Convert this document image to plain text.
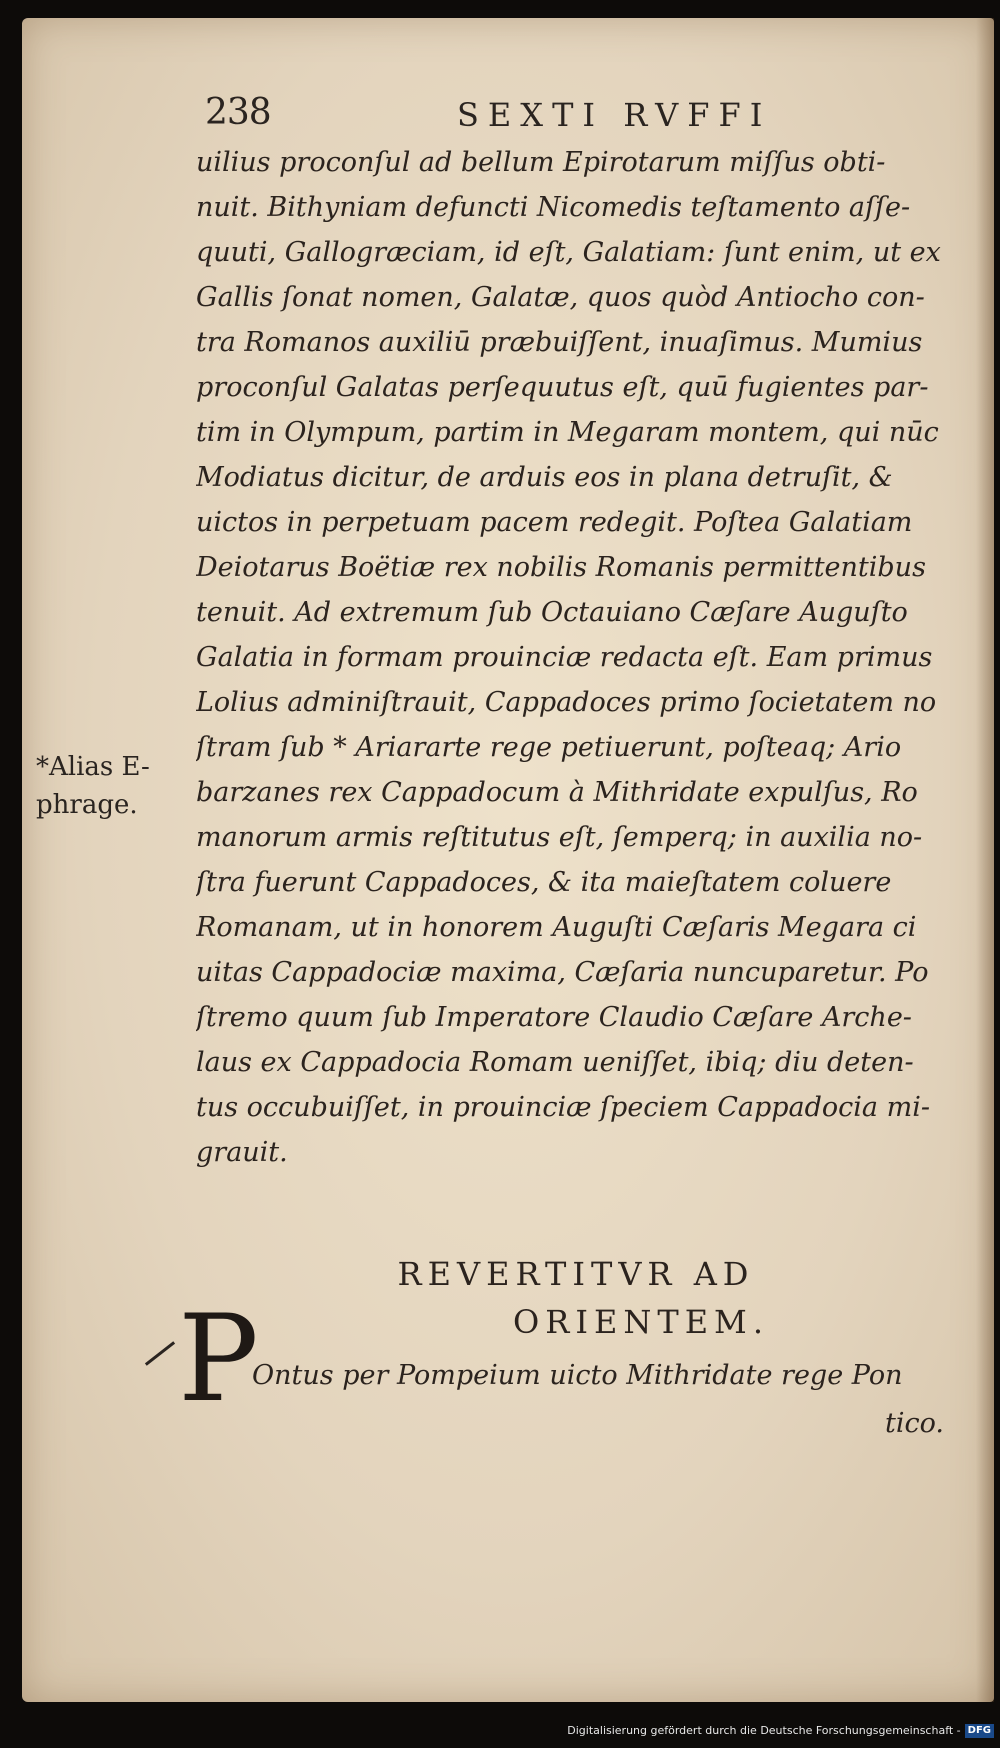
238	SEXTI RVFFI
uilius proconſul ad bellum Epirotarum miſſus obti-
nuit. Bithyniam defuncti Nicomedis teſtamento aſſe-
quuti, Gallogræciam, id eſt, Galatiam: ſunt enim, ut ex
Gallis ſonat nomen, Galatæ, quos quòd Antiocho con-
tra Romanos auxiliū præbuiſſent, inuaſimus. Mumius
proconſul Galatas perſequutus eſt, quū fugientes par-
tim in Olympum, partim in Megaram montem, qui nūc
Modiatus dicitur, de arduis eos in plana detruſit, &
uictos in perpetuam pacem redegit. Poſtea Galatiam
Deiotarus Boëtiæ rex nobilis Romanis permittentibus
tenuit. Ad extremum ſub Octauiano Cæſare Auguſto
Galatia in formam prouinciæ redacta eſt. Eam primus
Lolius adminiſtrauit, Cappadoces primo ſocietatem no
ſtram ſub * Ariararte rege petiuerunt, poſteaq; Ario
barzanes rex Cappadocum à Mithridate expulſus, Ro
manorum armis reſtitutus eſt, ſemperq; in auxilia no-
ſtra fuerunt Cappadoces, & ita maieſtatem coluere
Romanam, ut in honorem Auguſti Cæſaris Megara ci
uitas Cappadociæ maxima, Cæſaria nuncuparetur. Po
ſtremo quum ſub Imperatore Claudio Cæſare Arche-
laus ex Cappadocia Romam ueniſſet, ibiq; diu deten-
tus occubuiſſet, in prouinciæ ſpeciem Cappadocia mi-
grauit.
*Alias E-
phrage.
REVERTITVR AD
ORIENTEM.
P
Ontus per Pompeium uicto Mithridate rege Pon
tico.
Digitalisierung gefördert durch die Deutsche Forschungsgemeinschaft - DFG
